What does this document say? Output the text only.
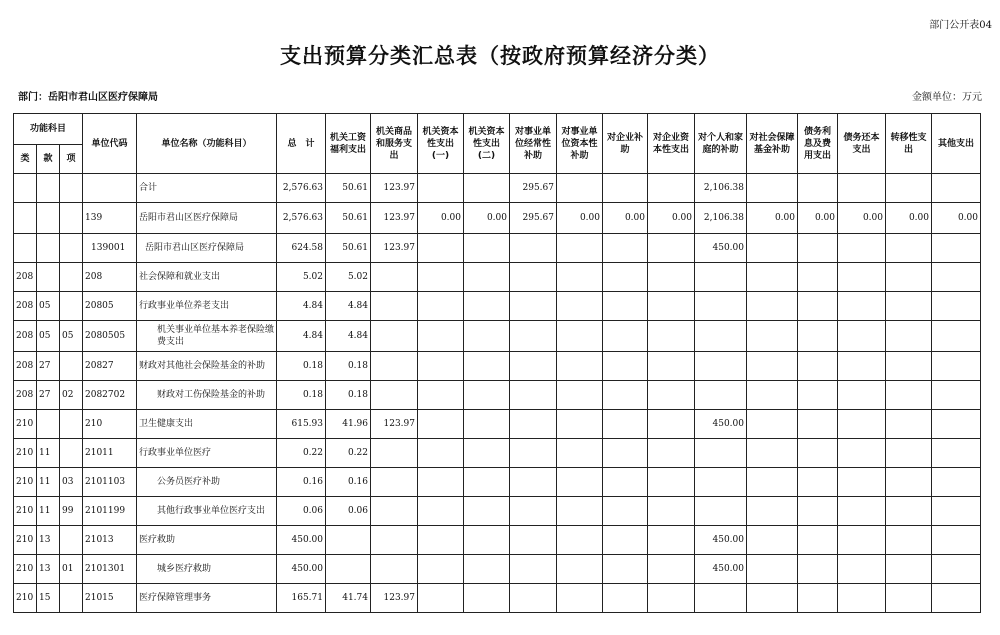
部门公开表04
支出预算分类汇总表（按政府预算经济分类）
部门：岳阳市君山区医疗保障局	金额单位：万元
功能科目			单位代码	单位名称（功能科目）	总　计	机关工资福利支出	机关商品和服务支出	机关资本性支出(一)	机关资本性支出(二)	对事业单位经常性补助	对事业单位资本性补助	对企业补助	对企业资本性支出	对个人和家庭的补助	对社会保障基金补助	债务利息及费用支出	债务还本支出	转移性支出	其他支出
类	款	项																	
				合计	2,576.63	50.61	123.97			295.67				2,106.38					
			139	岳阳市君山区医疗保障局	2,576.63	50.61	123.97	0.00	0.00	295.67	0.00	0.00	0.00	2,106.38	0.00	0.00	0.00	0.00	0.00
			139001	岳阳市君山区医疗保障局	624.58	50.61	123.97							450.00					
208			208	社会保障和就业支出	5.02	5.02													
208	05		20805	行政事业单位养老支出	4.84	4.84													
208	05	05	2080505	机关事业单位基本养老保险缴费支出	4.84	4.84													
208	27		20827	财政对其他社会保险基金的补助	0.18	0.18													
208	27	02	2082702	财政对工伤保险基金的补助	0.18	0.18													
210			210	卫生健康支出	615.93	41.96	123.97							450.00					
210	11		21011	行政事业单位医疗	0.22	0.22													
210	11	03	2101103	公务员医疗补助	0.16	0.16													
210	11	99	2101199	其他行政事业单位医疗支出	0.06	0.06													
210	13		21013	医疗救助	450.00									450.00					
210	13	01	2101301	城乡医疗救助	450.00									450.00					
210	15		21015	医疗保障管理事务	165.71	41.74	123.97												
